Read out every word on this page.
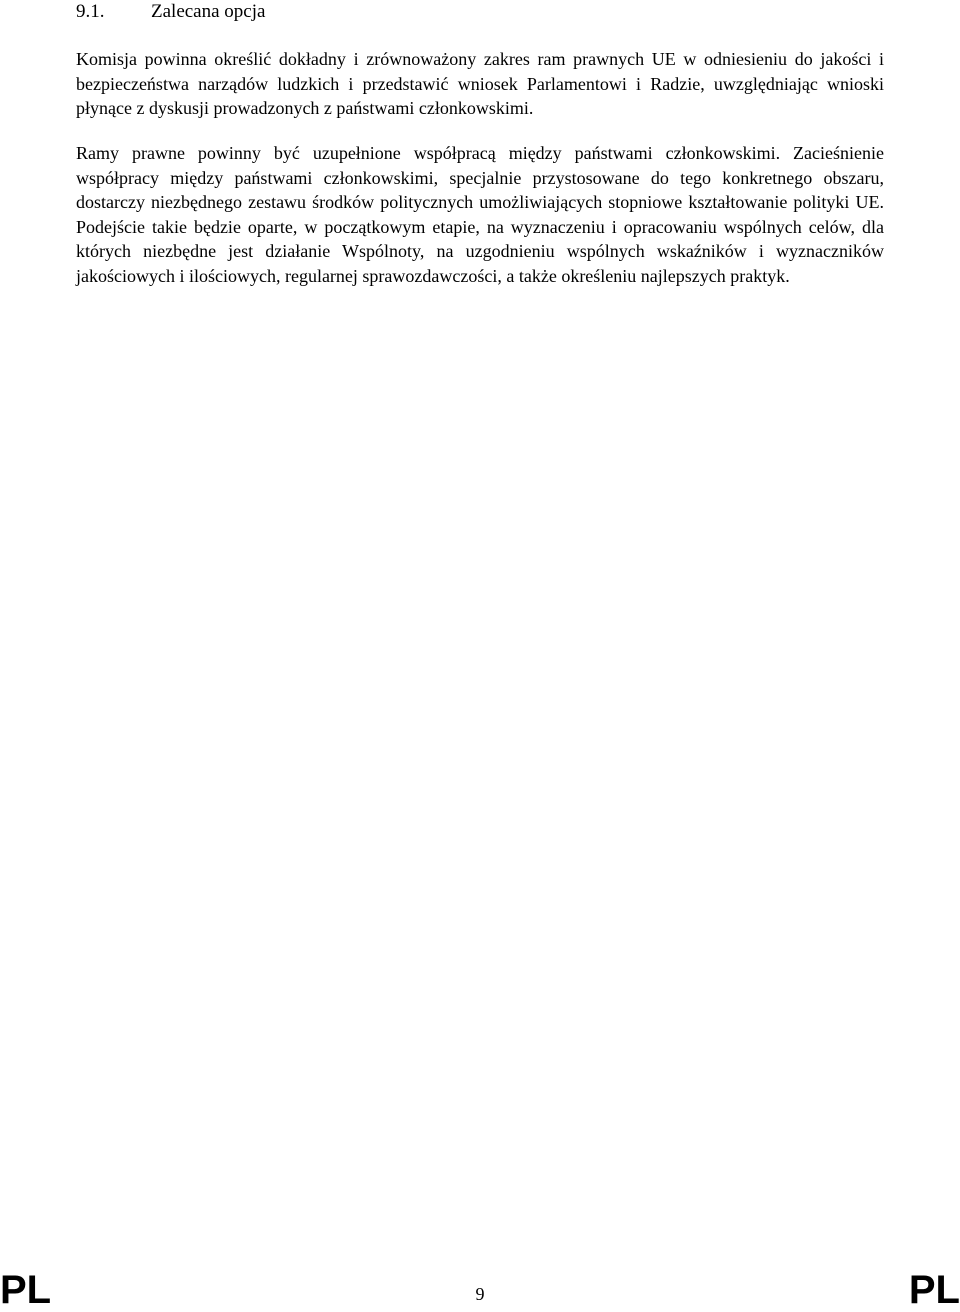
9.1. Zalecana opcja

Komisja powinna określić dokładny i zrównoważony zakres ram prawnych UE w odniesieniu do jakości i bezpieczeństwa narządów ludzkich i przedstawić wniosek Parlamentowi i Radzie, uwzględniając wnioski płynące z dyskusji prowadzonych z państwami członkowskimi.

Ramy prawne powinny być uzupełnione współpracą między państwami członkowskimi. Zacieśnienie współpracy między państwami członkowskimi, specjalnie przystosowane do tego konkretnego obszaru, dostarczy niezbędnego zestawu środków politycznych umożliwiających stopniowe kształtowanie polityki UE. Podejście takie będzie oparte, w początkowym etapie, na wyznaczeniu i opracowaniu wspólnych celów, dla których niezbędne jest działanie Wspólnoty, na uzgodnieniu wspólnych wskaźników i wyznaczników jakościowych i ilościowych, regularnej sprawozdawczości, a także określeniu najlepszych praktyk.

PL	9	PL
